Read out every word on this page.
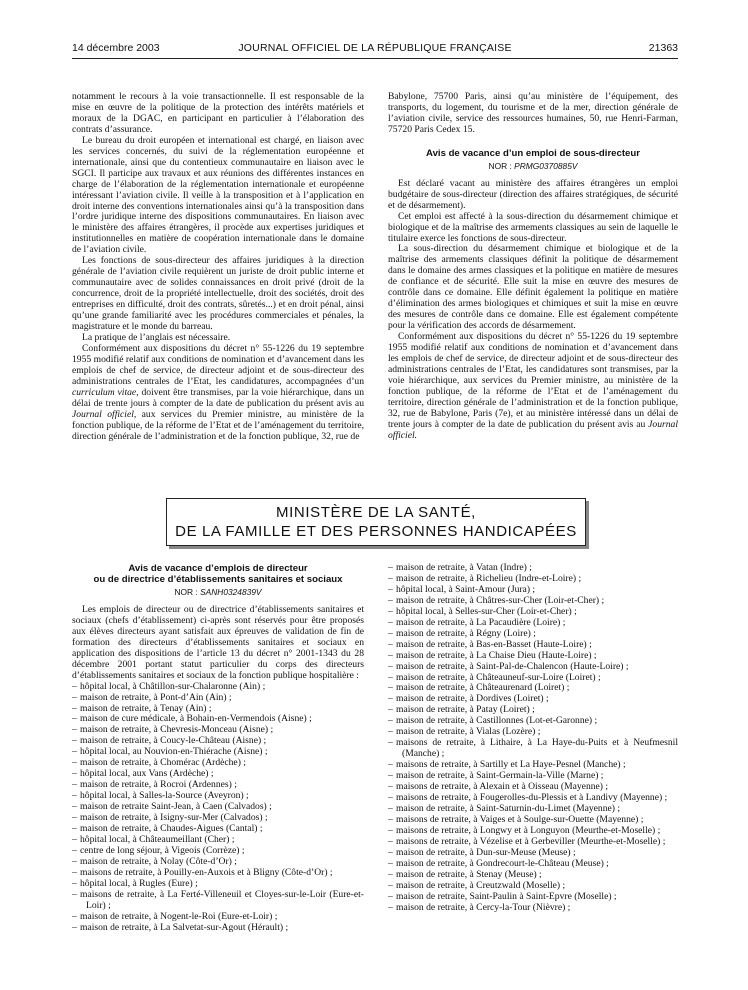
14 décembre 2003	JOURNAL OFFICIEL DE LA RÉPUBLIQUE FRANÇAISE	21363

notamment le recours à la voie transactionnelle. Il est responsable de la mise en œuvre de la politique de la protection des intérêts matériels et moraux de la DGAC, en participant en particulier à l’élaboration des contrats d’assurance.

Le bureau du droit européen et international est chargé, en liaison avec les services concernés, du suivi de la réglementation européenne et internationale, ainsi que du contentieux communautaire en liaison avec le SGCI. Il participe aux travaux et aux réunions des différentes instances en charge de l’élaboration de la réglementation internationale et européenne intéressant l’aviation civile. Il veille à la transposition et à l’application en droit interne des conventions internationales ainsi qu’à la transposition dans l’ordre juridique interne des dispositions communautaires. En liaison avec le ministère des affaires étrangères, il procède aux expertises juridiques et institutionnelles en matière de coopération internationale dans le domaine de l’aviation civile.

Les fonctions de sous-directeur des affaires juridiques à la direction générale de l’aviation civile requièrent un juriste de droit public interne et communautaire avec de solides connaissances en droit privé (droit de la concurrence, droit de la propriété intellectuelle, droit des sociétés, droit des entreprises en difficulté, droit des contrats, sûretés...) et en droit pénal, ainsi qu’une grande familiarité avec les procédures commerciales et pénales, la magistrature et le monde du barreau.

La pratique de l’anglais est nécessaire.

Conformément aux dispositions du décret n° 55-1226 du 19 septembre 1955 modifié relatif aux conditions de nomination et d’avancement dans les emplois de chef de service, de directeur adjoint et de sous-directeur des administrations centrales de l’Etat, les candidatures, accompagnées d’un curriculum vitae, doivent être transmises, par la voie hiérarchique, dans un délai de trente jours à compter de la date de publication du présent avis au Journal officiel, aux services du Premier ministre, au ministère de la fonction publique, de la réforme de l’Etat et de l’aménagement du territoire, direction générale de l’administration et de la fonction publique, 32, rue de

Babylone, 75700 Paris, ainsi qu’au ministère de l’équipement, des transports, du logement, du tourisme et de la mer, direction générale de l’aviation civile, service des ressources humaines, 50, rue Henri-Farman, 75720 Paris Cedex 15.

Avis de vacance d’un emploi de sous-directeur

NOR : PRMG0370885V

Est déclaré vacant au ministère des affaires étrangères un emploi budgétaire de sous-directeur (direction des affaires stratégiques, de sécurité et de désarmement).

Cet emploi est affecté à la sous-direction du désarmement chimique et biologique et de la maîtrise des armements classiques au sein de laquelle le titulaire exerce les fonctions de sous-directeur.

La sous-direction du désarmement chimique et biologique et de la maîtrise des armements classiques définit la politique de désarmement dans le domaine des armes classiques et la politique en matière de mesures de confiance et de sécurité. Elle suit la mise en œuvre des mesures de contrôle dans ce domaine. Elle définit également la politique en matière d’élimination des armes biologiques et chimiques et suit la mise en œuvre des mesures de contrôle dans ce domaine. Elle est également compétente pour la vérification des accords de désarmement.

Conformément aux dispositions du décret n° 55-1226 du 19 septembre 1955 modifié relatif aux conditions de nomination et d’avancement dans les emplois de chef de service, de directeur adjoint et de sous-directeur des administrations centrales de l’Etat, les candidatures sont transmises, par la voie hiérarchique, aux services du Premier ministre, au ministère de la fonction publique, de la réforme de l’Etat et de l’aménagement du territoire, direction générale de l’administration et de la fonction publique, 32, rue de Babylone, Paris (7e), et au ministère intéressé dans un délai de trente jours à compter de la date de publication du présent avis au Journal officiel.

MINISTÈRE DE LA SANTÉ,
DE LA FAMILLE ET DES PERSONNES HANDICAPÉES

Avis de vacance d’emplois de directeur

ou de directrice d’établissements sanitaires et sociaux

NOR : SANH0324839V

Les emplois de directeur ou de directrice d’établissements sanitaires et sociaux (chefs d’établissement) ci-après sont réservés pour être proposés aux élèves directeurs ayant satisfait aux épreuves de validation de fin de formation des directeurs d’établissements sanitaires et sociaux en application des dispositions de l’article 13 du décret n° 2001-1343 du 28 décembre 2001 portant statut particulier du corps des directeurs d’établissements sanitaires et sociaux de la fonction publique hospitalière :

– hôpital local, à Châtillon-sur-Chalaronne (Ain) ;
– maison de retraite, à Pont-d’Ain (Ain) ;
– maison de retraite, à Tenay (Ain) ;
– maison de cure médicale, à Bohain-en-Vermendois (Aisne) ;
– maison de retraite, à Chevresis-Monceau (Aisne) ;
– maison de retraite, à Coucy-le-Château (Aisne) ;
– hôpital local, au Nouvion-en-Thiérache (Aisne) ;
– maison de retraite, à Chomérac (Ardèche) ;
– hôpital local, aux Vans (Ardèche) ;
– maison de retraite, à Rocroi (Ardennes) ;
– hôpital local, à Salles-la-Source (Aveyron) ;
– maison de retraite Saint-Jean, à Caen (Calvados) ;
– maison de retraite, à Isigny-sur-Mer (Calvados) ;
– maison de retraite, à Chaudes-Aigues (Cantal) ;
– hôpital local, à Châteaumeillant (Cher) ;
– centre de long séjour, à Vigeois (Corrèze) ;
– maison de retraite, à Nolay (Côte-d’Or) ;
– maisons de retraite, à Pouilly-en-Auxois et à Bligny (Côte-d’Or) ;
– hôpital local, à Rugles (Eure) ;
– maisons de retraite, à La Ferté-Villeneuil et Cloyes-sur-le-Loir (Eure-et-Loir) ;
– maison de retraite, à Nogent-le-Roi (Eure-et-Loir) ;
– maison de retraite, à La Salvetat-sur-Agout (Hérault) ;
– maison de retraite, à Vatan (Indre) ;
– maison de retraite, à Richelieu (Indre-et-Loire) ;
– hôpital local, à Saint-Amour (Jura) ;
– maison de retraite, à Châtres-sur-Cher (Loir-et-Cher) ;
– hôpital local, à Selles-sur-Cher (Loir-et-Cher) ;
– maison de retraite, à La Pacaudière (Loire) ;
– maison de retraite, à Régny (Loire) ;
– maison de retraite, à Bas-en-Basset (Haute-Loire) ;
– maison de retraite, à La Chaise Dieu (Haute-Loire) ;
– maison de retraite, à Saint-Pal-de-Chalencon (Haute-Loire) ;
– maison de retraite, à Châteauneuf-sur-Loire (Loiret) ;
– maison de retraite, à Châteaurenard (Loiret) ;
– maison de retraite, à Dordives (Loiret) ;
– maison de retraite, à Patay (Loiret) ;
– maison de retraite, à Castillonnes (Lot-et-Garonne) ;
– maison de retraite, à Vialas (Lozère) ;
– maisons de retraite, à Lithaire, à La Haye-du-Puits et à Neufmesnil (Manche) ;
– maisons de retraite, à Sartilly et La Haye-Pesnel (Manche) ;
– maison de retraite, à Saint-Germain-la-Ville (Marne) ;
– maisons de retraite, à Alexain et à Oisseau (Mayenne) ;
– maisons de retraite, à Fougerolles-du-Plessis et à Landivy (Mayenne) ;
– maison de retraite, à Saint-Saturnin-du-Limet (Mayenne) ;
– maisons de retraite, à Vaiges et à Soulge-sur-Ouette (Mayenne) ;
– maisons de retraite, à Longwy et à Longuyon (Meurthe-et-Moselle) ;
– maisons de retraite, à Vézelise et à Gerbeviller (Meurthe-et-Moselle) ;
– maison de retraite, à Dun-sur-Meuse (Meuse) ;
– maison de retraite, à Gondrecourt-le-Château (Meuse) ;
– maison de retraite, à Stenay (Meuse) ;
– maison de retraite, à Creutzwald (Moselle) ;
– maison de retraite, Saint-Paulin à Saint-Epvre (Moselle) ;
– maison de retraite, à Cercy-la-Tour (Nièvre) ;
